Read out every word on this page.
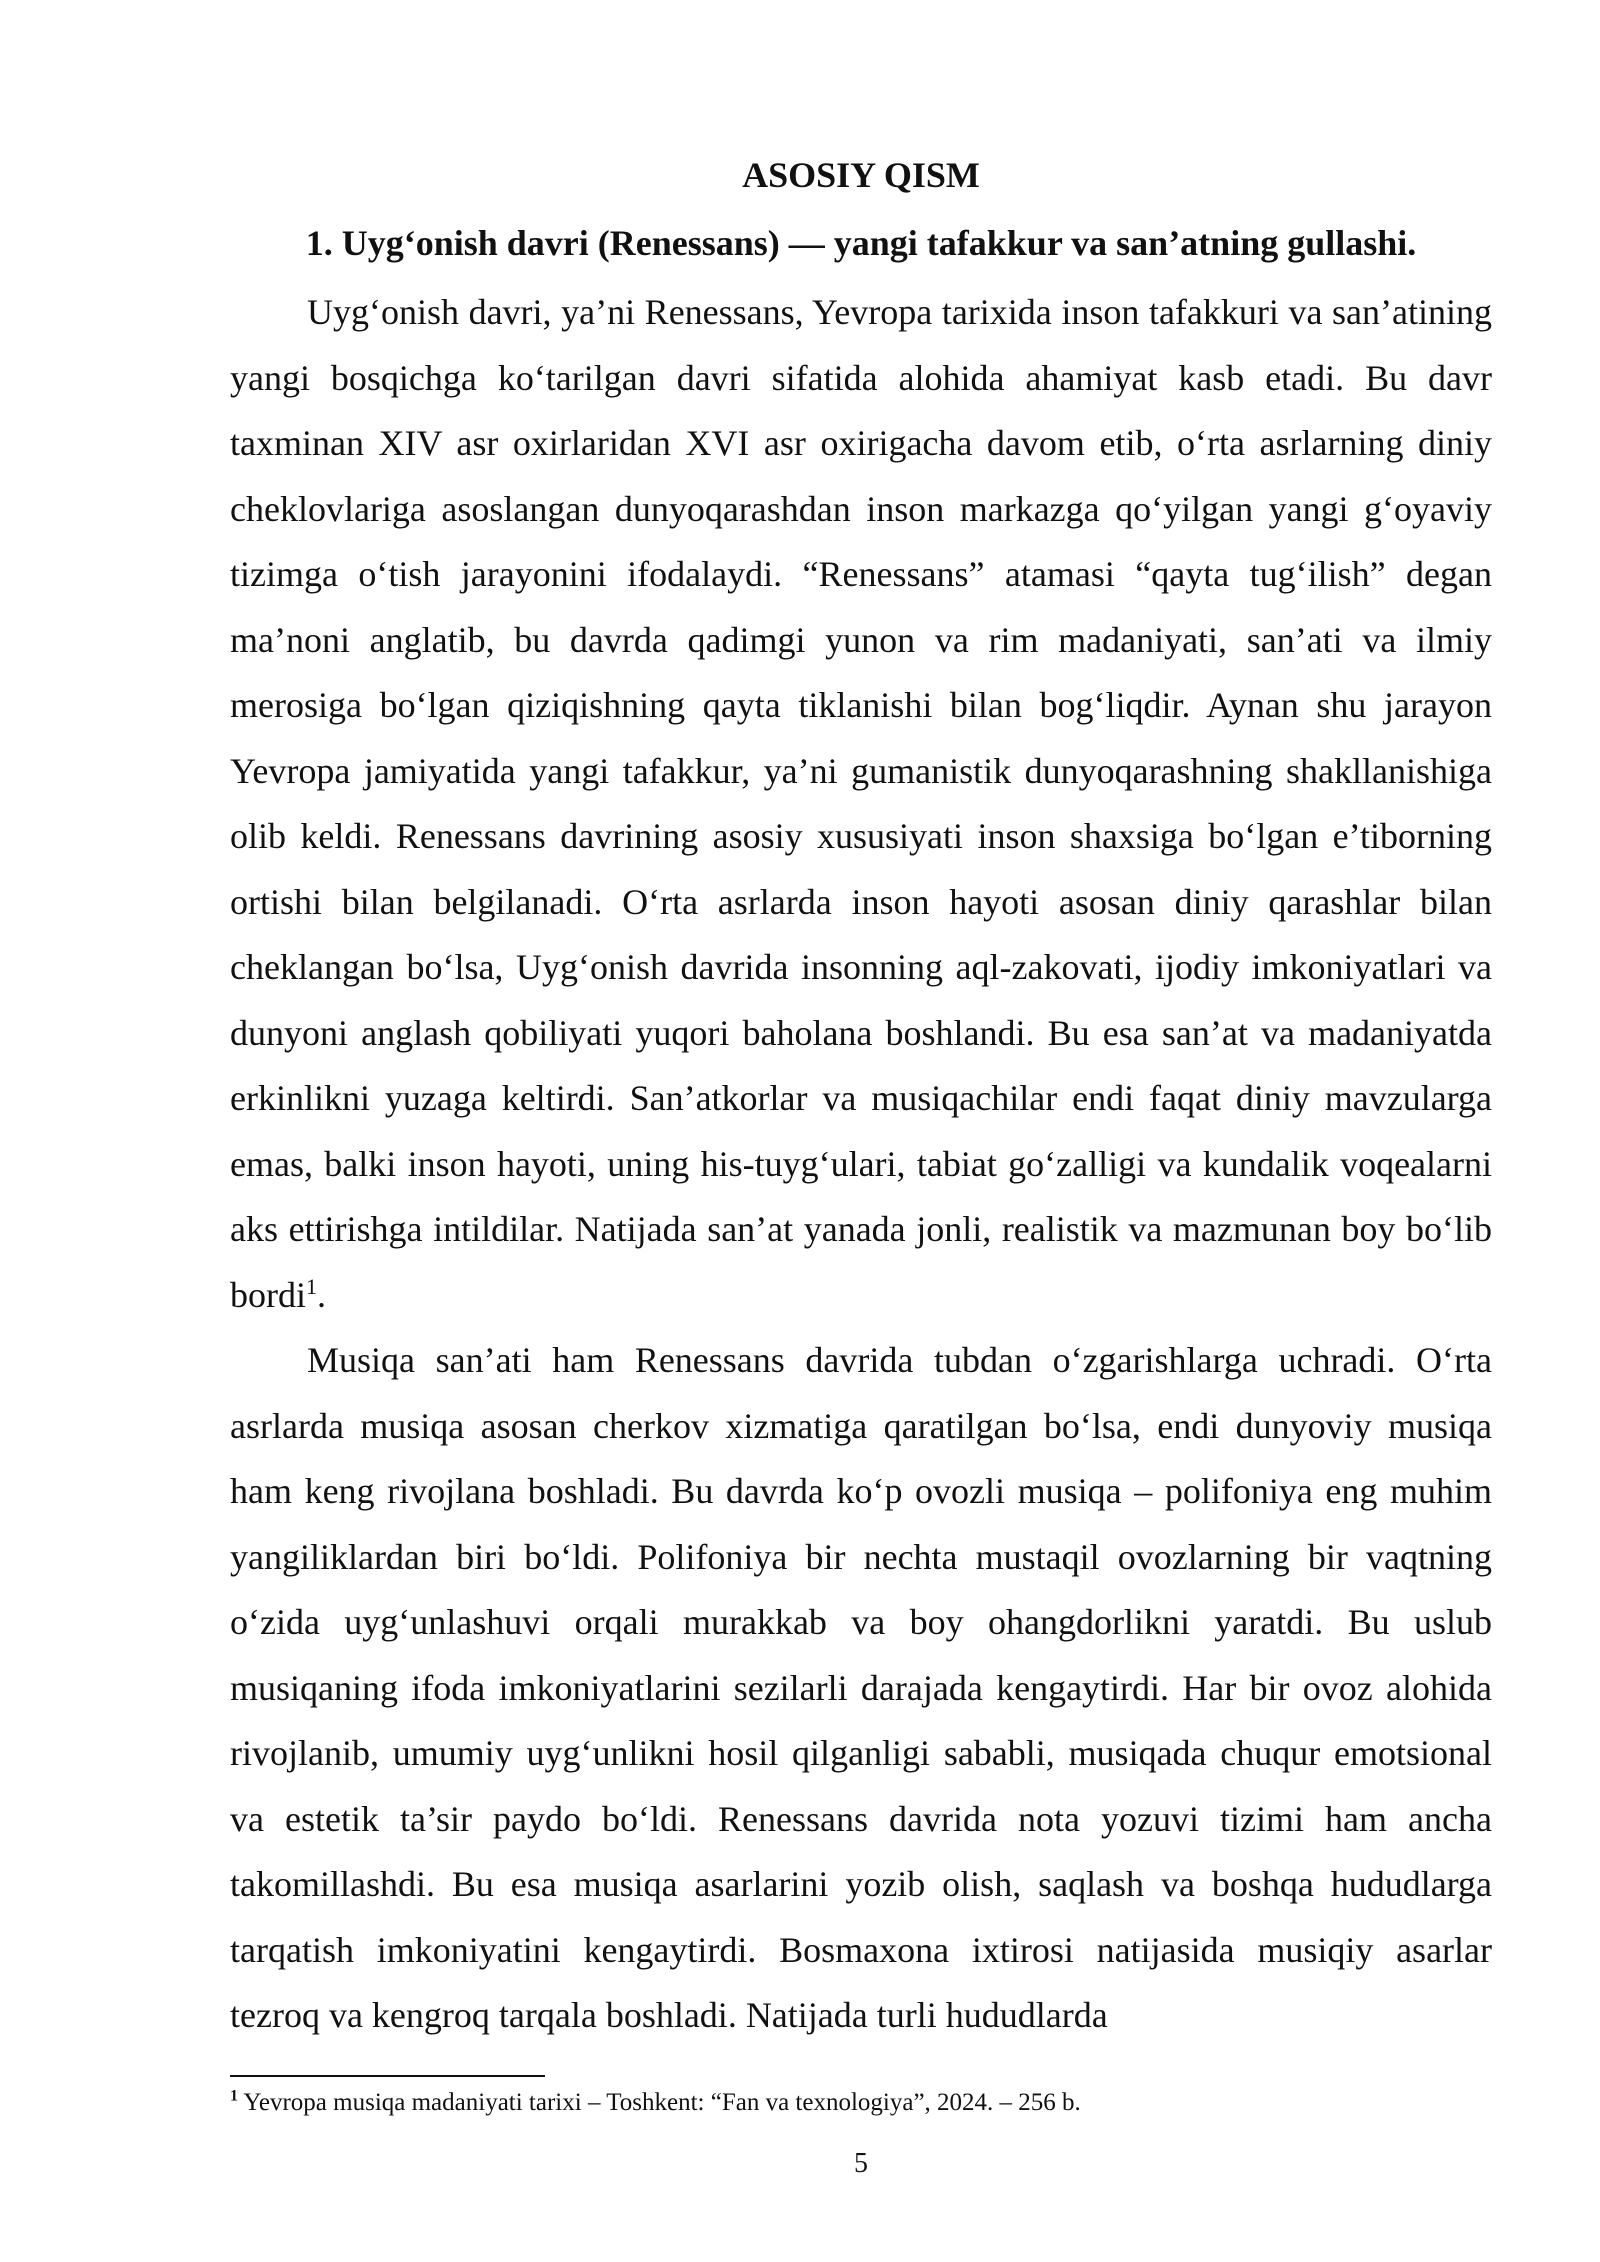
ASOSIY QISM
1. Uyg‘onish davri (Renessans) — yangi tafakkur va san’atning gullashi.

Uyg‘onish davri, ya’ni Renessans, Yevropa tarixida inson tafakkuri va san’atining yangi bosqichga ko‘tarilgan davri sifatida alohida ahamiyat kasb etadi. Bu davr taxminan XIV asr oxirlaridan XVI asr oxirigacha davom etib, o‘rta asrlarning diniy cheklovlariga asoslangan dunyoqarashdan inson markazga qo‘yilgan yangi g‘oyaviy tizimga o‘tish jarayonini ifodalaydi. “Renessans” atamasi “qayta tug‘ilish” degan ma’noni anglatib, bu davrda qadimgi yunon va rim madaniyati, san’ati va ilmiy merosiga bo‘lgan qiziqishning qayta tiklanishi bilan bog‘liqdir. Aynan shu jarayon Yevropa jamiyatida yangi tafakkur, ya’ni gumanistik dunyoqarashning shakllanishiga olib keldi. Renessans davrining asosiy xususiyati inson shaxsiga bo‘lgan e’tiborning ortishi bilan belgilanadi. O‘rta asrlarda inson hayoti asosan diniy qarashlar bilan cheklangan bo‘lsa, Uyg‘onish davrida insonning aql-zakovati, ijodiy imkoniyatlari va dunyoni anglash qobiliyati yuqori baholana boshlandi. Bu esa san’at va madaniyatda erkinlikni yuzaga keltirdi. San’atkorlar va musiqachilar endi faqat diniy mavzularga emas, balki inson hayoti, uning his-tuyg‘ulari, tabiat go‘zalligi va kundalik voqealarni aks ettirishga intildilar. Natijada san’at yanada jonli, realistik va mazmunan boy bo‘lib bordi$^1$.

Musiqa san’ati ham Renessans davrida tubdan o‘zgarishlarga uchradi. O‘rta asrlarda musiqa asosan cherkov xizmatiga qaratilgan bo‘lsa, endi dunyoviy musiqa ham keng rivojlana boshladi. Bu davrda ko‘p ovozli musiqa – polifoniya eng muhim yangiliklardan biri bo‘ldi. Polifoniya bir nechta mustaqil ovozlarning bir vaqtning o‘zida uyg‘unlashuvi orqali murakkab va boy ohangdorlikni yaratdi. Bu uslub musiqaning ifoda imkoniyatlarini sezilarli darajada kengaytirdi. Har bir ovoz alohida rivojlanib, umumiy uyg‘unlikni hosil qilganligi sababli, musiqada chuqur emotsional va estetik ta’sir paydo bo‘ldi. Renessans davrida nota yozuvi tizimi ham ancha takomillashdi. Bu esa musiqa asarlarini yozib olish, saqlash va boshqa hududlarga tarqatish imkoniyatini kengaytirdi. Bosmaxona ixtirosi natijasida musiqiy asarlar tezroq va kengroq tarqala boshladi. Natijada turli hududlarda

$^1$ Yevropa musiqa madaniyati tarixi – Toshkent: “Fan va texnologiya”, 2024. – 256 b.

5
